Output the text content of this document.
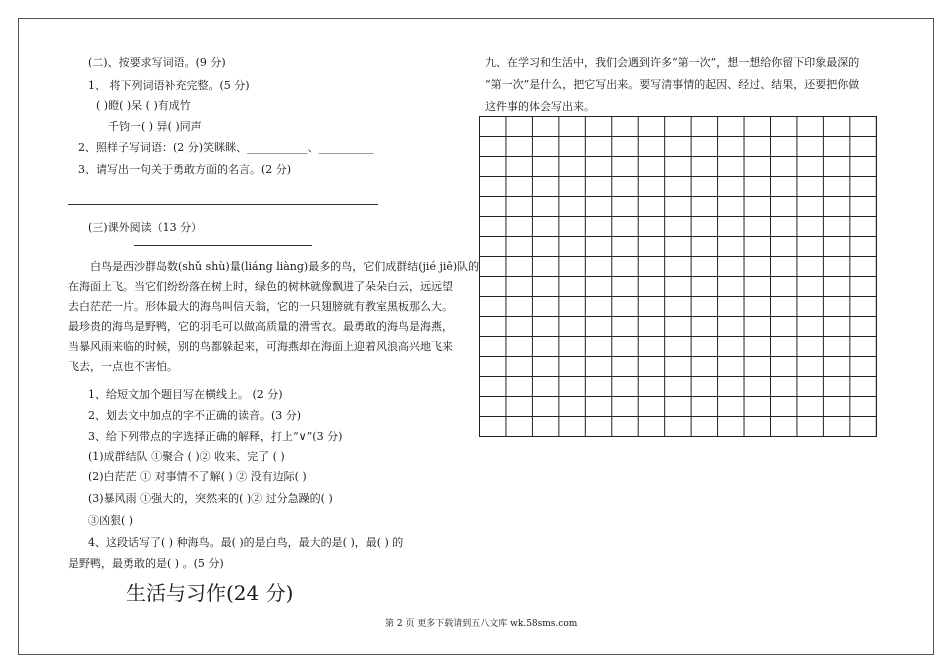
(二)、按要求写词语。(9 分)
1、 将下列词语补充完整。(5 分)
( )瞪( )呆 ( )有成竹
千钧一( ) 异( )同声
2、照样子写词语：(2 分)笑眯眯、___________、__________
3、请写出一句关于勇敢方面的名言。(2 分)
(三)课外阅读（13 分）
白鸟是西沙群岛数(shǔ shù)量(liáng liàng)最多的鸟，它们成群结(jié jiē)队的
在海面上飞。当它们纷纷落在树上时，绿色的树林就像飘进了朵朵白云，远远望
去白茫茫一片。形体最大的海鸟叫信天翁，它的一只翅膀就有教室黑板那么大。
最珍贵的海鸟是野鸭，它的羽毛可以做高质量的滑雪衣。最勇敢的海鸟是海燕，
当暴风雨来临的时候，别的鸟都躲起来，可海燕却在海面上迎着风浪高兴地飞来
飞去，一点也不害怕。
1、给短文加个题目写在横线上。 (2 分)
2、划去文中加点的字不正确的读音。(3 分)
3、给下列带点的字选择正确的解释，打上“∨”(3 分)
(1)成群结队 ①聚合 ( )② 收来、完了 ( )
(2)白茫茫 ① 对事情不了解( ) ② 没有边际( )
(3)暴风雨 ①强大的，突然来的( )② 过分急躁的( )
③凶狠( )
4、这段话写了( ) 种海鸟。最( )的是白鸟，最大的是( )，最( ) 的
是野鸭，最勇敢的是( ) 。(5 分)
生活与习作(24 分)
九、在学习和生活中，我们会遇到许多“第一次”，想一想给你留下印象最深的
“第一次”是什么，把它写出来。要写清事情的起因、经过、结果，还要把你做
这件事的体会写出来。
第 2 页 更多下载请到五八文库 wk.58sms.com
